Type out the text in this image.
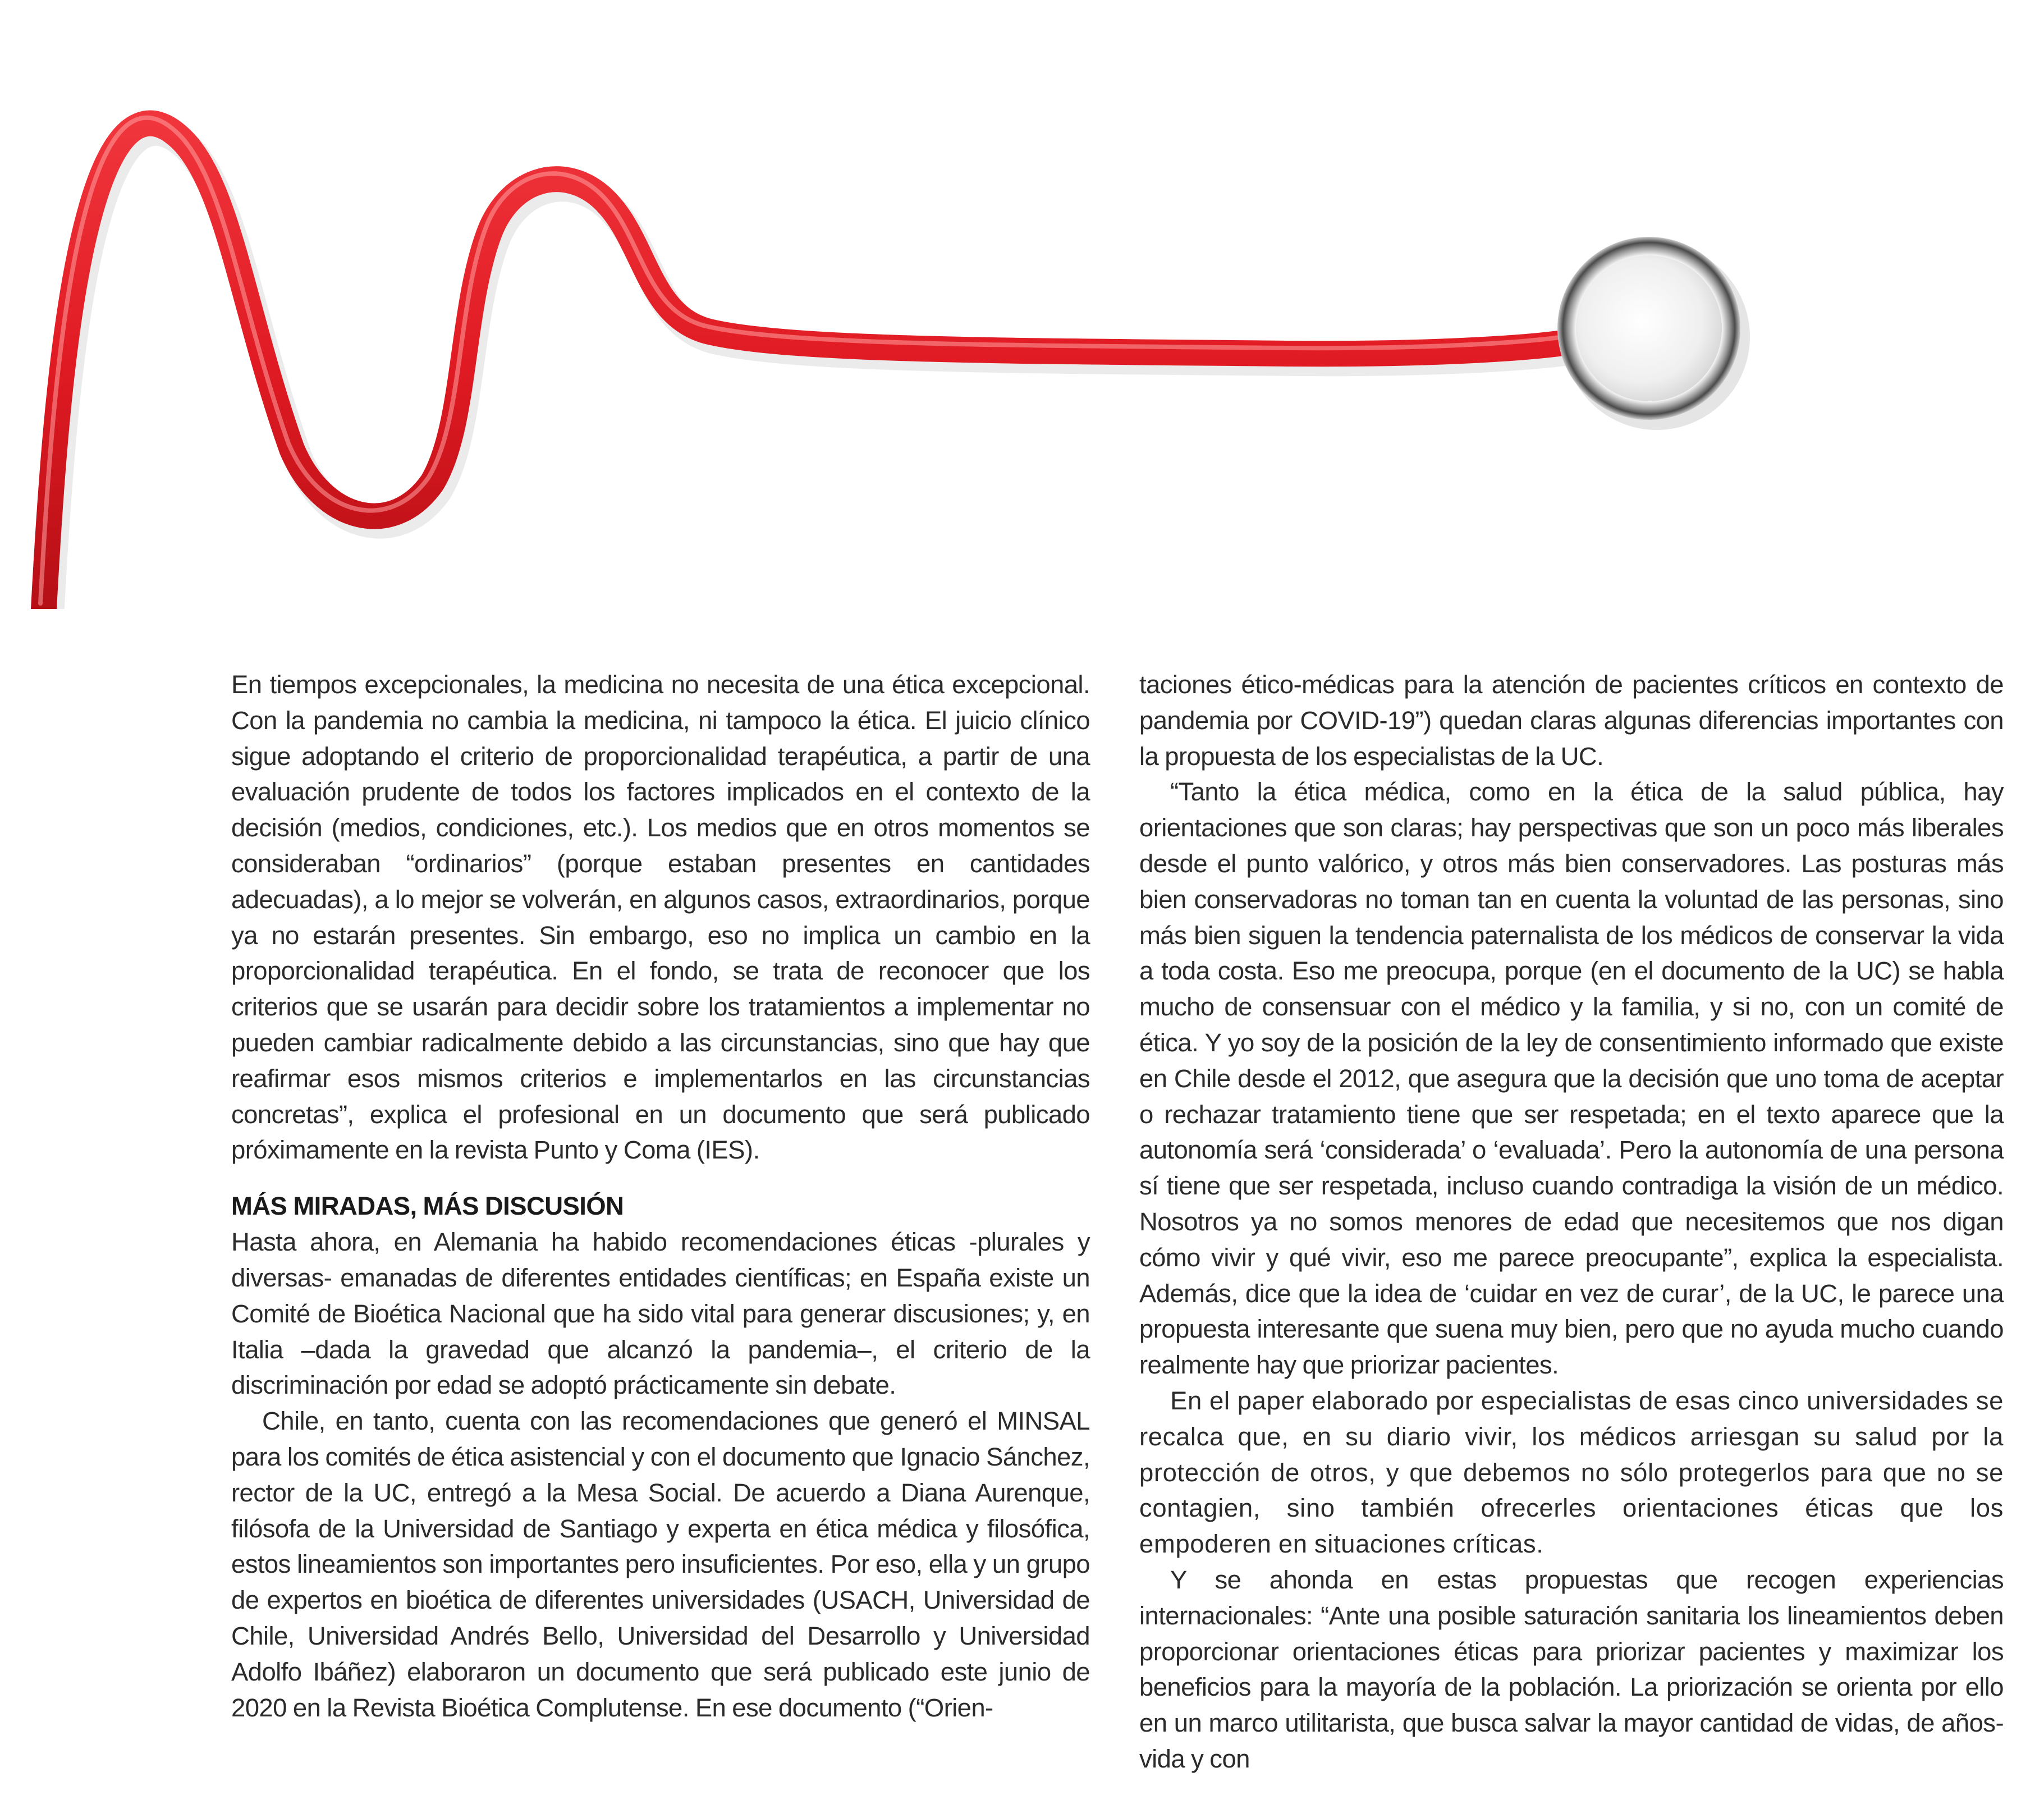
En tiempos excepcionales, la medicina no necesita de una ética excepcional. Con la pandemia no cambia la medicina, ni tampoco la ética. El juicio clínico sigue adoptando el criterio de proporcionalidad terapéutica, a partir de una evaluación prudente de todos los factores implicados en el contexto de la decisión (medios, condiciones, etc.). Los medios que en otros momentos se consideraban “ordinarios” (porque estaban presentes en cantidades adecuadas), a lo mejor se volverán, en algunos casos, extraordinarios, porque ya no estarán presentes. Sin embargo, eso no implica un cambio en la proporcionalidad terapéutica. En el fondo, se trata de reconocer que los criterios que se usarán para decidir sobre los tratamientos a implementar no pueden cambiar radicalmente debido a las circunstancias, sino que hay que reafirmar esos mismos criterios e implementarlos en las circunstancias concretas”, explica el profesional en un documento que será publicado próximamente en la revista Punto y Coma (IES).

MÁS MIRADAS, MÁS DISCUSIÓN

Hasta ahora, en Alemania ha habido recomendaciones éticas -plurales y diversas- emanadas de diferentes entidades científicas; en España existe un Comité de Bioética Nacional que ha sido vital para generar discusiones; y, en Italia –dada la gravedad que alcanzó la pandemia–, el criterio de la discriminación por edad se adoptó prácticamente sin debate.

Chile, en tanto, cuenta con las recomendaciones que generó el MINSAL para los comités de ética asistencial y con el documento que Ignacio Sánchez, rector de la UC, entregó a la Mesa Social. De acuerdo a Diana Aurenque, filósofa de la Universidad de Santiago y experta en ética médica y filosófica, estos lineamientos son importantes pero insuficientes. Por eso, ella y un grupo de expertos en bioética de diferentes universidades (USACH, Universidad de Chile, Universidad Andrés Bello, Universidad del Desarrollo y Universidad Adolfo Ibáñez) elaboraron un documento que será publicado este junio de 2020 en la Revista Bioética Complutense. En ese documento (“Orien-

taciones ético-médicas para la atención de pacientes críticos en contexto de pandemia por COVID-19”) quedan claras algunas diferencias importantes con la propuesta de los especialistas de la UC.

“Tanto la ética médica, como en la ética de la salud pública, hay orientaciones que son claras; hay perspectivas que son un poco más liberales desde el punto valórico, y otros más bien conservadores. Las posturas más bien conservadoras no toman tan en cuenta la voluntad de las personas, sino más bien siguen la tendencia paternalista de los médicos de conservar la vida a toda costa. Eso me preocupa, porque (en el documento de la UC) se habla mucho de consensuar con el médico y la familia, y si no, con un comité de ética. Y yo soy de la posición de la ley de consentimiento informado que existe en Chile desde el 2012, que asegura que la decisión que uno toma de aceptar o rechazar tratamiento tiene que ser respetada; en el texto aparece que la autonomía será ‘considerada’ o ‘evaluada’. Pero la autonomía de una persona sí tiene que ser respetada, incluso cuando contradiga la visión de un médico. Nosotros ya no somos menores de edad que necesitemos que nos digan cómo vivir y qué vivir, eso me parece preocupante”, explica la especialista. Además, dice que la idea de ‘cuidar en vez de curar’, de la UC, le parece una propuesta interesante que suena muy bien, pero que no ayuda mucho cuando realmente hay que priorizar pacientes.

En el paper elaborado por especialistas de esas cinco universidades se recalca que, en su diario vivir, los médicos arriesgan su salud por la protección de otros, y que debemos no sólo protegerlos para que no se contagien, sino también ofrecerles orientaciones éticas que los empoderen en situaciones críticas.

Y se ahonda en estas propuestas que recogen experiencias internacionales: “Ante una posible saturación sanitaria los lineamientos deben proporcionar orientaciones éticas para priorizar pacientes y maximizar los beneficios para la mayoría de la población. La priorización se orienta por ello en un marco utilitarista, que busca salvar la mayor cantidad de vidas, de años-vida y con
